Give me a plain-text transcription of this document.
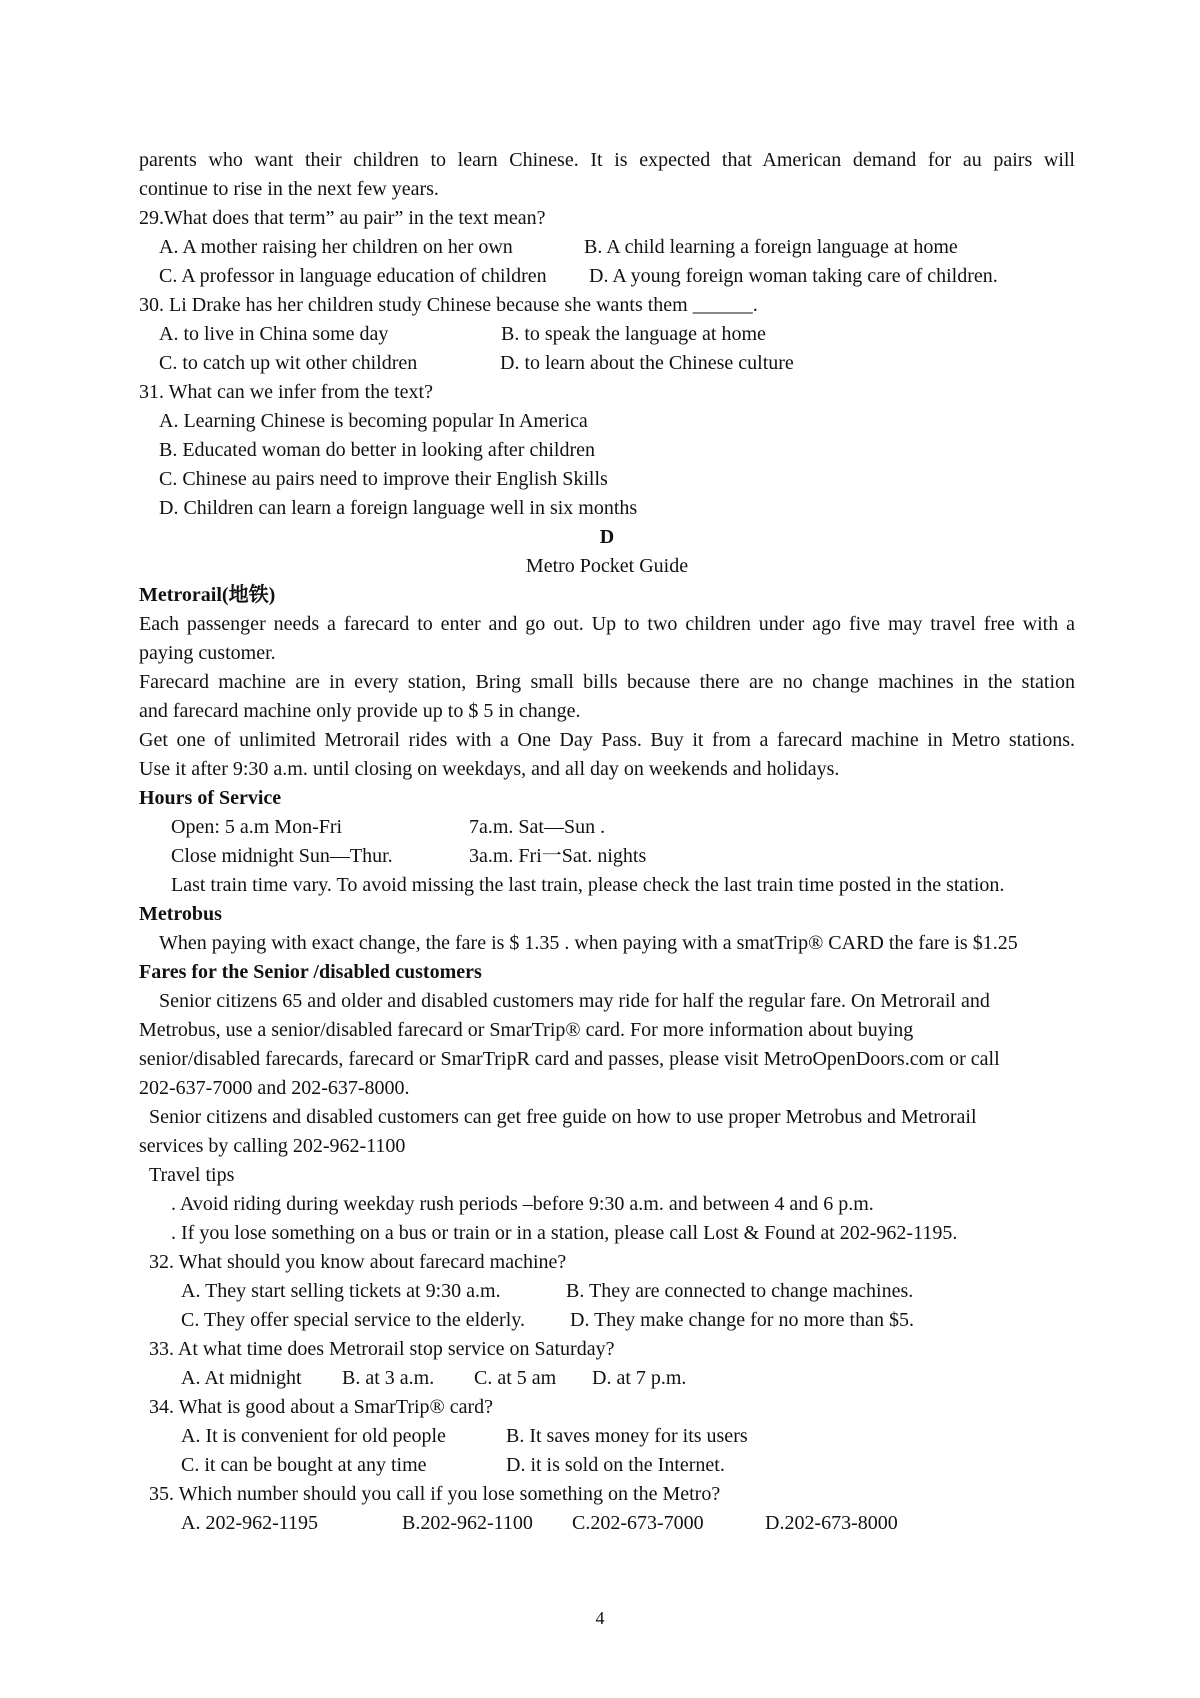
parents who want their children to learn Chinese. It is expected that American demand for au pairs will
continue to rise in the next few years.
29.What does that term” au pair” in the text mean?
A. A mother raising her children on her own	B. A child learning a foreign language at home
C. A professor in language education of children D. A young foreign woman taking care of children.
30. Li Drake has her children study Chinese because she wants them ______.
A. to live in China some day	B. to speak the language at home
C. to catch up wit other children	D. to learn about the Chinese culture
31. What can we infer from the text?
A. Learning Chinese is becoming popular In America
B. Educated woman do better in looking after children
C. Chinese au pairs need to improve their English Skills
D. Children can learn a foreign language well in six months
D
Metro Pocket Guide
Metrorail(地铁)
Each passenger needs a farecard to enter and go out. Up to two children under ago five may travel free with a
paying customer.
Farecard machine are in every station, Bring small bills because there are no change machines in the station
and farecard machine only provide up to $ 5 in change.
Get one of unlimited Metrorail rides with a One Day Pass. Buy it from a farecard machine in Metro stations.
Use it after 9:30 a.m. until closing on weekdays, and all day on weekends and holidays.
Hours of Service
Open: 5 a.m Mon-Fri	7a.m. Sat—Sun .
Close midnight Sun—Thur.	3a.m. Fri一Sat. nights
Last train time vary. To avoid missing the last train, please check the last train time posted in the station.
Metrobus
When paying with exact change, the fare is $ 1.35 . when paying with a smatTrip® CARD the fare is $1.25
Fares for the Senior /disabled customers
Senior citizens 65 and older and disabled customers may ride for half the regular fare. On Metrorail and
Metrobus, use a senior/disabled farecard or SmarTrip® card. For more information about buying
senior/disabled farecards, farecard or SmarTripR card and passes, please visit MetroOpenDoors.com or call
202-637-7000 and 202-637-8000.
Senior citizens and disabled customers can get free guide on how to use proper Metrobus and Metrorail
services by calling 202-962-1100
Travel tips
. Avoid riding during weekday rush periods –before 9:30 a.m. and between 4 and 6 p.m.
. If you lose something on a bus or train or in a station, please call Lost & Found at 202-962-1195.
32. What should you know about farecard machine?
A. They start selling tickets at 9:30 a.m.	B. They are connected to change machines.
C. They offer special service to the elderly. D. They make change for no more than $5.
33. At what time does Metrorail stop service on Saturday?
A. At midnight B. at 3 a.m. C. at 5 am D. at 7 p.m.
34. What is good about a SmarTrip® card?
A. It is convenient for old people	B. It saves money for its users
C. it can be bought at any time	D. it is sold on the Internet.
35. Which number should you call if you lose something on the Metro?
A. 202-962-1195	B.202-962-1100 C.202-673-7000	D.202-673-8000
4
